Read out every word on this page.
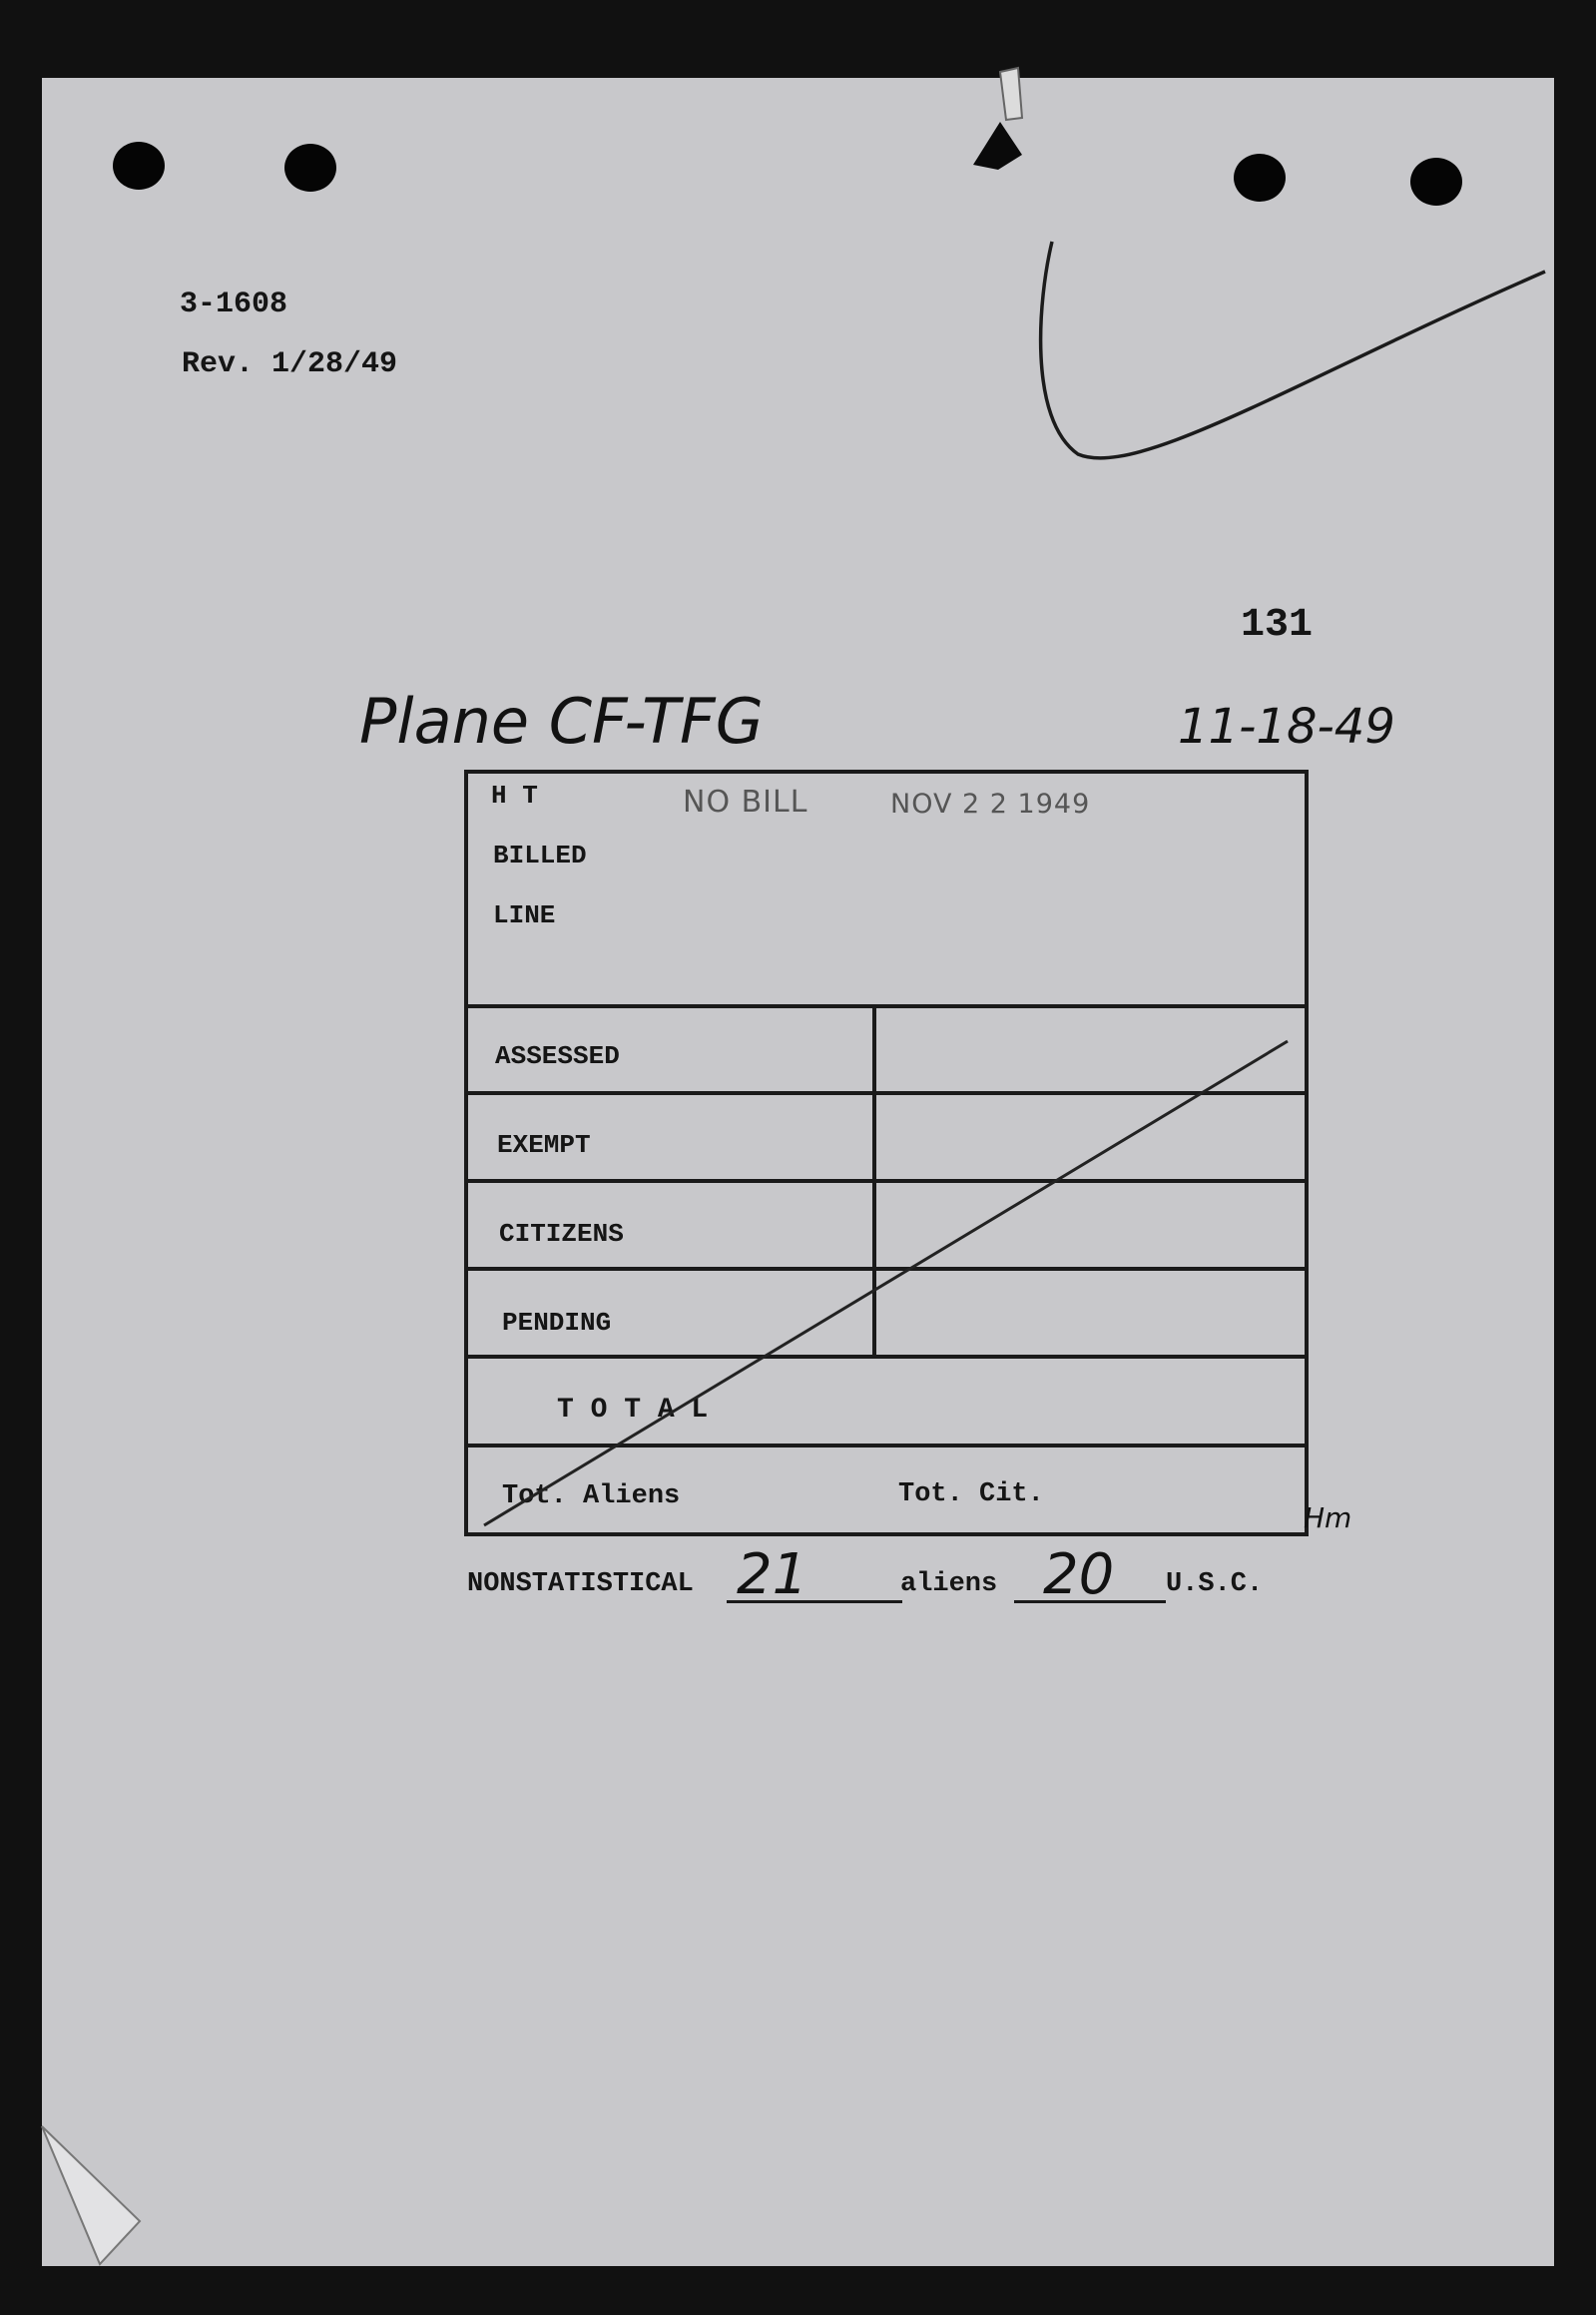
3-1608
Rev. 1/28/49
131
Plane CF-TFG	11-18-49
H T
BILLED
LINE
NO BILL	NOV 2 2 1949
ASSESSED
EXEMPT
CITIZENS
PENDING
T O T A L
Tot. Aliens	Tot. Cit.
Hm
NONSTATISTICAL 21	aliens 20 U.S.C.
